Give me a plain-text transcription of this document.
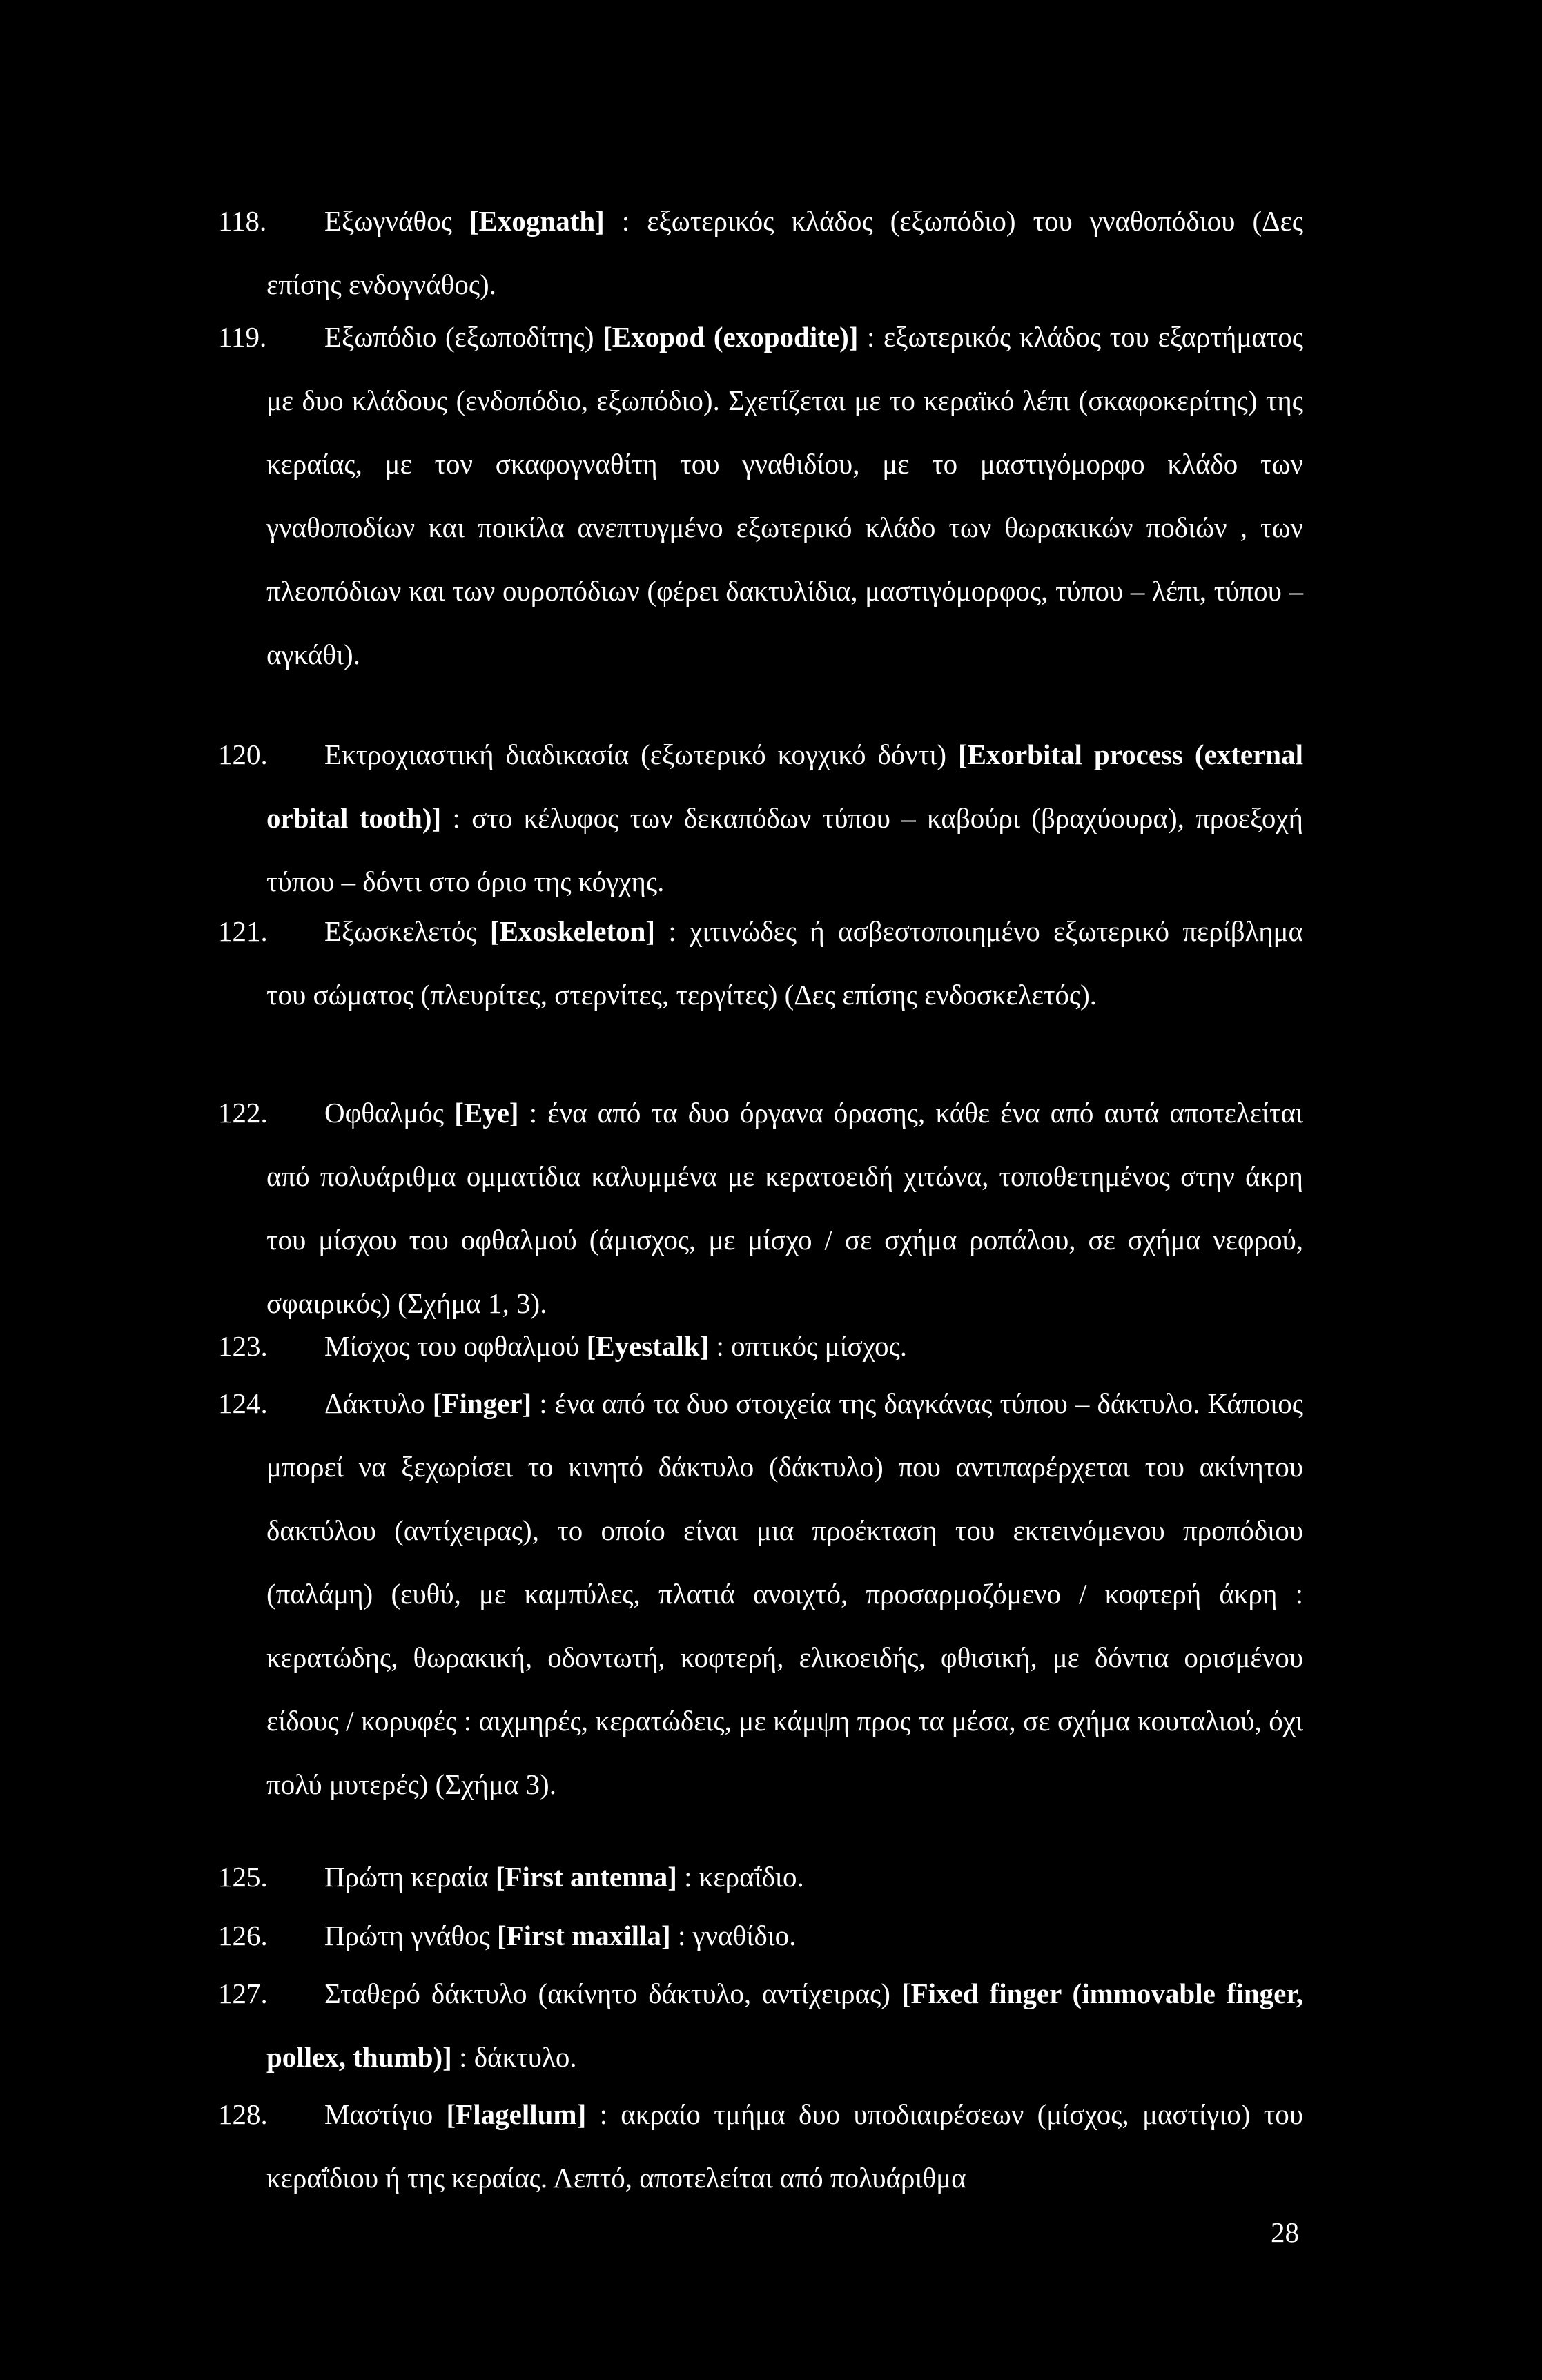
118. Εξωγνάθος [Exognath] : εξωτερικός κλάδος (εξωπόδιο) του γναθοπόδιου (Δες επίσης ενδογνάθος).
119. Εξωπόδιο (εξωποδίτης) [Exopod (exopodite)] : εξωτερικός κλάδος του εξαρτήματος με δυο κλάδους (ενδοπόδιο, εξωπόδιο). Σχετίζεται με το κεραϊκό λέπι (σκαφοκερίτης) της κεραίας, με τον σκαφογναθίτη του γναθιδίου, με το μαστιγόμορφο κλάδο των γναθοποδίων και ποικίλα ανεπτυγμένο εξωτερικό κλάδο των θωρακικών ποδιών , των πλεοπόδιων και των ουροπόδιων (φέρει δακτυλίδια, μαστιγόμορφος, τύπου – λέπι, τύπου – αγκάθι).
120. Εκτροχιαστική διαδικασία (εξωτερικό κογχικό δόντι) [Exorbital process (external orbital tooth)] : στο κέλυφος των δεκαπόδων τύπου – καβούρι (βραχύουρα), προεξοχή τύπου – δόντι στο όριο της κόγχης.
121. Εξωσκελετός [Exoskeleton] : χιτινώδες ή ασβεστοποιημένο εξωτερικό περίβλημα του σώματος (πλευρίτες, στερνίτες, τεργίτες) (Δες επίσης ενδοσκελετός).
122. Οφθαλμός [Eye] : ένα από τα δυο όργανα όρασης, κάθε ένα από αυτά αποτελείται από πολυάριθμα ομματίδια καλυμμένα με κερατοειδή χιτώνα, τοποθετημένος στην άκρη του μίσχου του οφθαλμού (άμισχος, με μίσχο / σε σχήμα ροπάλου, σε σχήμα νεφρού, σφαιρικός) (Σχήμα 1, 3).
123. Μίσχος του οφθαλμού [Eyestalk] : οπτικός μίσχος.
124. Δάκτυλο [Finger] : ένα από τα δυο στοιχεία της δαγκάνας τύπου – δάκτυλο. Κάποιος μπορεί να ξεχωρίσει το κινητό δάκτυλο (δάκτυλο) που αντιπαρέρχεται του ακίνητου δακτύλου (αντίχειρας), το οποίο είναι μια προέκταση του εκτεινόμενου προπόδιου (παλάμη) (ευθύ, με καμπύλες, πλατιά ανοιχτό, προσαρμοζόμενο / κοφτερή άκρη : κερατώδης, θωρακική, οδοντωτή, κοφτερή, ελικοειδής, φθισική, με δόντια ορισμένου είδους / κορυφές : αιχμηρές, κερατώδεις, με κάμψη προς τα μέσα, σε σχήμα κουταλιού, όχι πολύ μυτερές) (Σχήμα 3).
125. Πρώτη κεραία [First antenna] : κεραΐδιο.
126. Πρώτη γνάθος [First maxilla] : γναθίδιο.
127. Σταθερό δάκτυλο (ακίνητο δάκτυλο, αντίχειρας) [Fixed finger (immovable finger, pollex, thumb)] : δάκτυλο.
128. Μαστίγιο [Flagellum] : ακραίο τμήμα δυο υποδιαιρέσεων (μίσχος, μαστίγιο) του κεραΐδιου ή της κεραίας. Λεπτό, αποτελείται από πολυάριθμα
28
